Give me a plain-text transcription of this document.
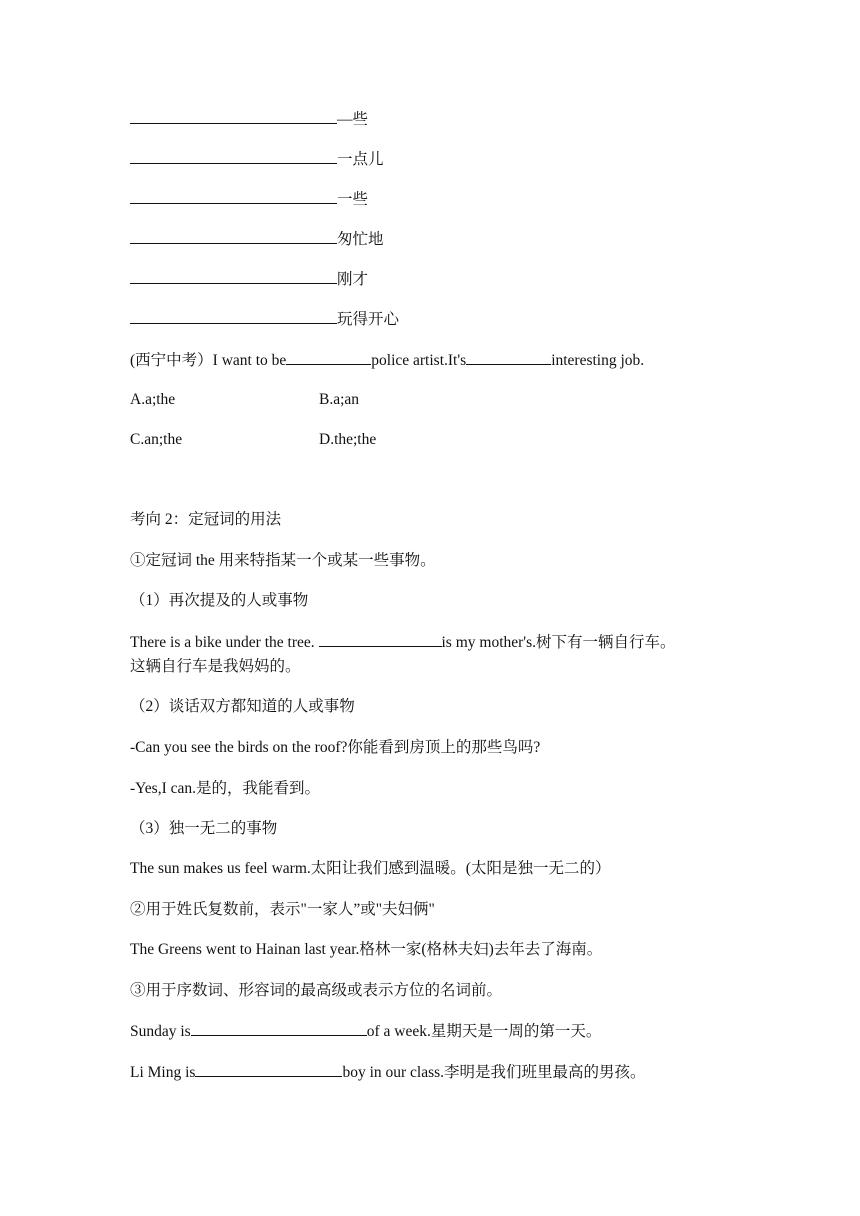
—些
一点儿
一些
匆忙地
刚才
玩得开心
(西宁中考）I want to be	police artist.It's	interesting job.
A.a;the	B.a;an
C.an;the	D.the;the
考向 2：定冠词的用法
①定冠词 the 用来特指某一个或某一些事物。
（1）再次提及的人或事物
There is a bike under the tree.	is my mother's.树下有一辆自行车。
这辆自行车是我妈妈的。
（2）谈话双方都知道的人或事物
-Can you see the birds on the roof?你能看到房顶上的那些鸟吗?
-Yes,I can.是的，我能看到。
（3）独一无二的事物
The sun makes us feel warm.太阳让我们感到温暖。(太阳是独一无二的）
②用于姓氏复数前，表示"一家人”或"夫妇俩"
The Greens went to Hainan last year.格林一家(格林夫妇)去年去了海南。
③用于序数词、形容词的最高级或表示方位的名词前。
Sunday is	of a week.星期天是一周的第一天。
Li Ming is	boy in our class.李明是我们班里最高的男孩。
